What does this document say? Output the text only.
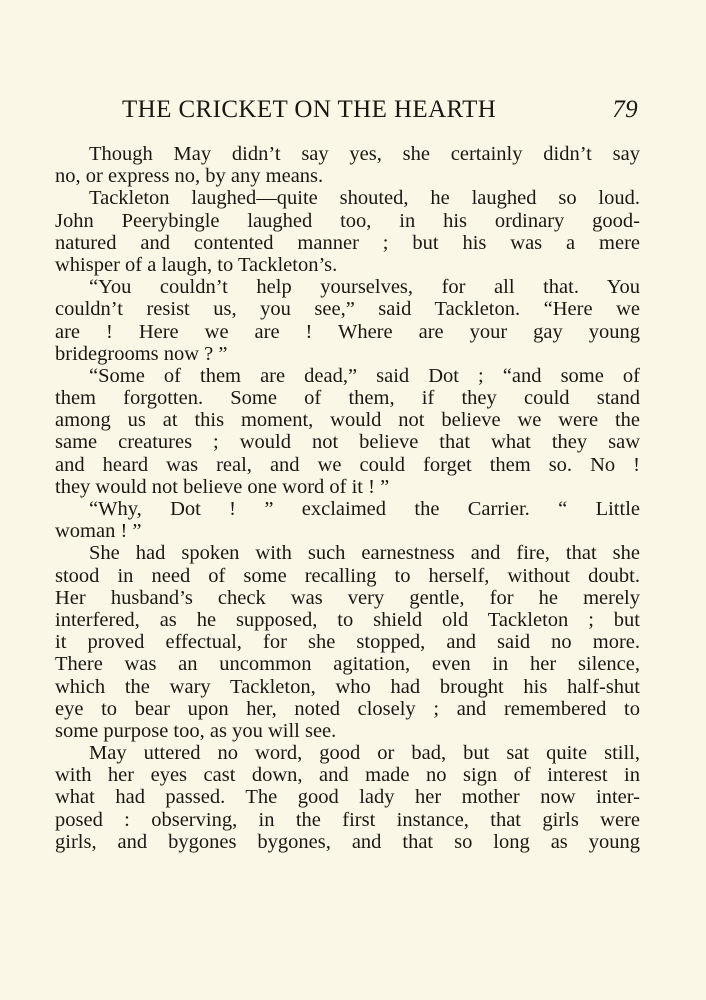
THE CRICKET ON THE HEARTH	79
Though May didn’t say yes, she certainly didn’t say
no, or express no, by any means.
Tackleton laughed—quite shouted, he laughed so loud.
John Peerybingle laughed too, in his ordinary good-
natured and contented manner ; but his was a mere
whisper of a laugh, to Tackleton’s.
“You couldn’t help yourselves, for all that. You
couldn’t resist us, you see,” said Tackleton. “Here we
are ! Here we are ! Where are your gay young
bridegrooms now ? ”
“Some of them are dead,” said Dot ; “and some of
them forgotten. Some of them, if they could stand
among us at this moment, would not believe we were the
same creatures ; would not believe that what they saw
and heard was real, and we could forget them so. No !
they would not believe one word of it ! ”
“Why, Dot ! ” exclaimed the Carrier. “ Little
woman ! ”
She had spoken with such earnestness and fire, that she
stood in need of some recalling to herself, without doubt.
Her husband’s check was very gentle, for he merely
interfered, as he supposed, to shield old Tackleton ; but
it proved effectual, for she stopped, and said no more.
There was an uncommon agitation, even in her silence,
which the wary Tackleton, who had brought his half-shut
eye to bear upon her, noted closely ; and remembered to
some purpose too, as you will see.
May uttered no word, good or bad, but sat quite still,
with her eyes cast down, and made no sign of interest in
what had passed. The good lady her mother now inter-
posed : observing, in the first instance, that girls were
girls, and bygones bygones, and that so long as young
